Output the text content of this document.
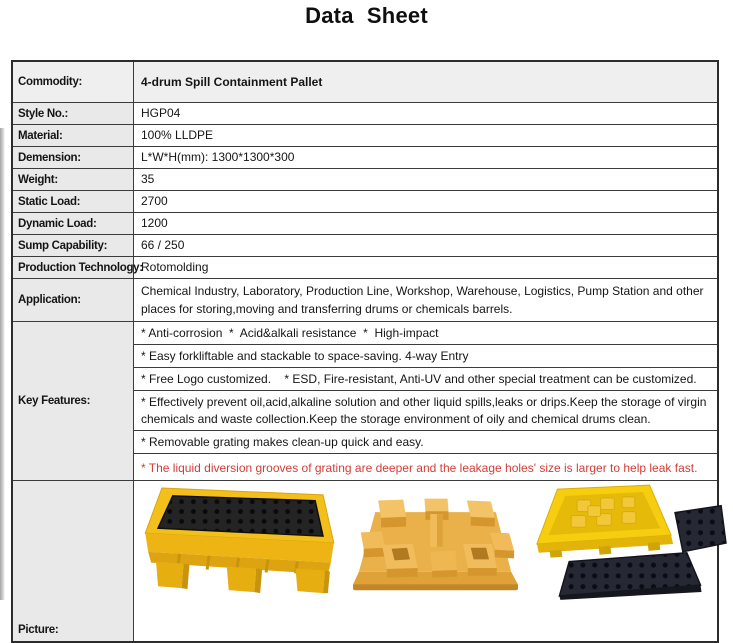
Data Sheet
Commodity:	4-drum Spill Containment Pallet
Style No.:	HGP04
Material:	100% LLDPE
Demension:	L*W*H(mm): 1300*1300*300
Weight:	35
Static Load:	2700
Dynamic Load:	1200
Sump Capability:	66 / 250
Production Technology:
Rotomolding
Application:
Chemical Industry, Laboratory, Production Line, Workshop, Warehouse, Logistics, Pump Station and other places for storing,moving and transferring drums or chemicals barrels.
Key Features:
* Anti-corrosion  *  Acid&alkali resistance  *  High-impact
* Easy forkliftable and stackable to space-saving. 4-way Entry
* Free Logo customized.    * ESD, Fire-resistant, Anti-UV and other special treatment can be customized.
* Effectively prevent oil,acid,alkaline solution and other liquid spills,leaks or drips.Keep the storage of virgin chemicals and waste collection.Keep the storage environment of oily and chemical drums clean.
* Removable grating makes clean-up quick and easy.
* The liquid diversion grooves of grating are deeper and the leakage holes' size is larger to help leak fast.
Picture:
